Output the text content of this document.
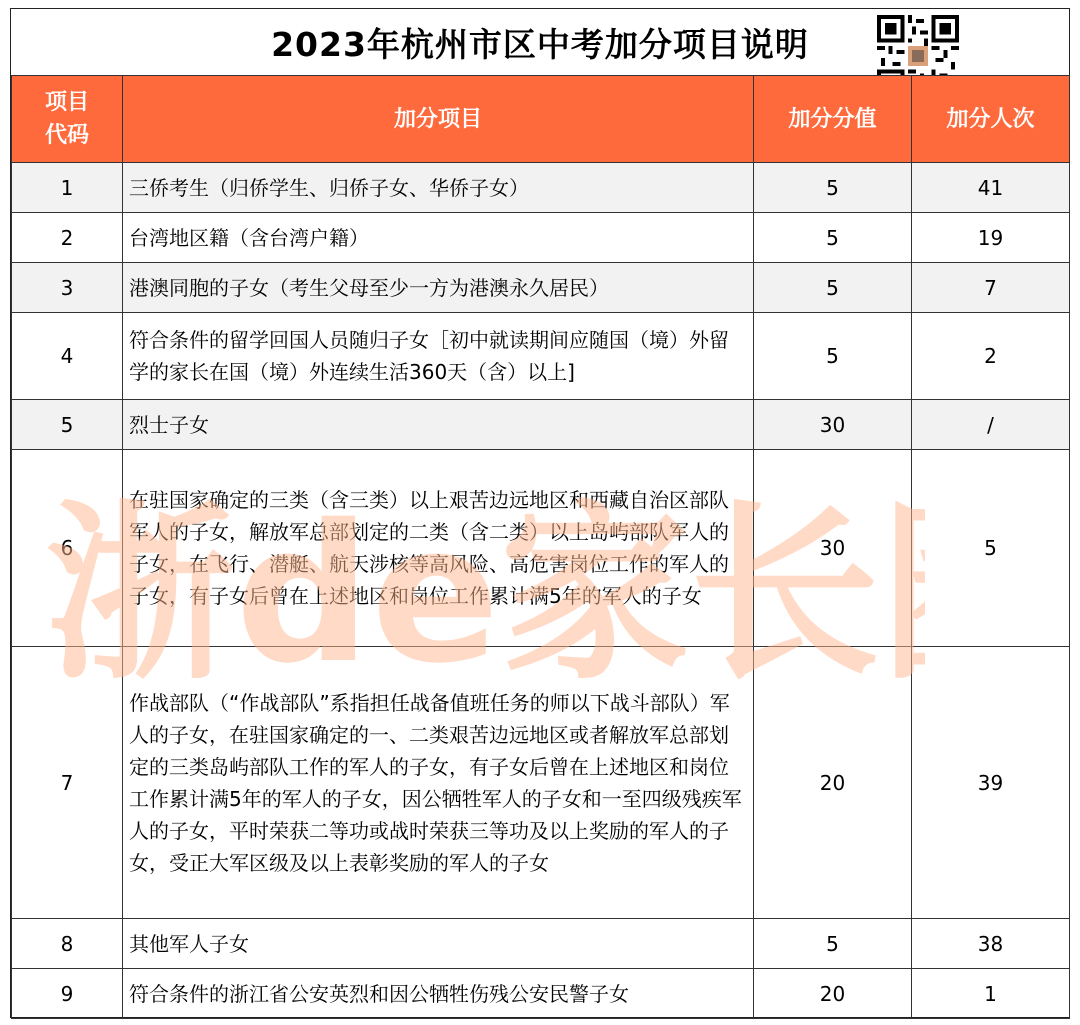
2023年杭州市区中考加分项目说明
项目代码	加分项目	加分分值	加分人次
1	三侨考生（归侨学生、归侨子女、华侨子女）	5	41
2	台湾地区籍（含台湾户籍）	5	19
3	港澳同胞的子女（考生父母至少一方为港澳永久居民）	5	7
4	符合条件的留学回国人员随归子女［初中就读期间应随国（境）外留学的家长在国（境）外连续生活360天（含）以上]	5	2
5	烈士子女	30	/
6	在驻国家确定的三类（含三类）以上艰苦边远地区和西藏自治区部队军人的子女，解放军总部划定的二类（含二类）以上岛屿部队军人的子女，在飞行、潜艇、航天涉核等高风险、高危害岗位工作的军人的子女，有子女后曾在上述地区和岗位工作累计满5年的军人的子女	30	5
7	作战部队（“作战部队”系指担任战备值班任务的师以下战斗部队）军人的子女，在驻国家确定的一、二类艰苦边远地区或者解放军总部划定的三类岛屿部队工作的军人的子女，有子女后曾在上述地区和岗位工作累计满5年的军人的子女，因公牺牲军人的子女和一至四级残疾军人的子女，平时荣获二等功或战时荣获三等功及以上奖励的军人的子女，受正大军区级及以上表彰奖励的军人的子女	20	39
8	其他军人子女	5	38
9	符合条件的浙江省公安英烈和因公牺牲伤残公安民警子女	20	1
浙de家长
